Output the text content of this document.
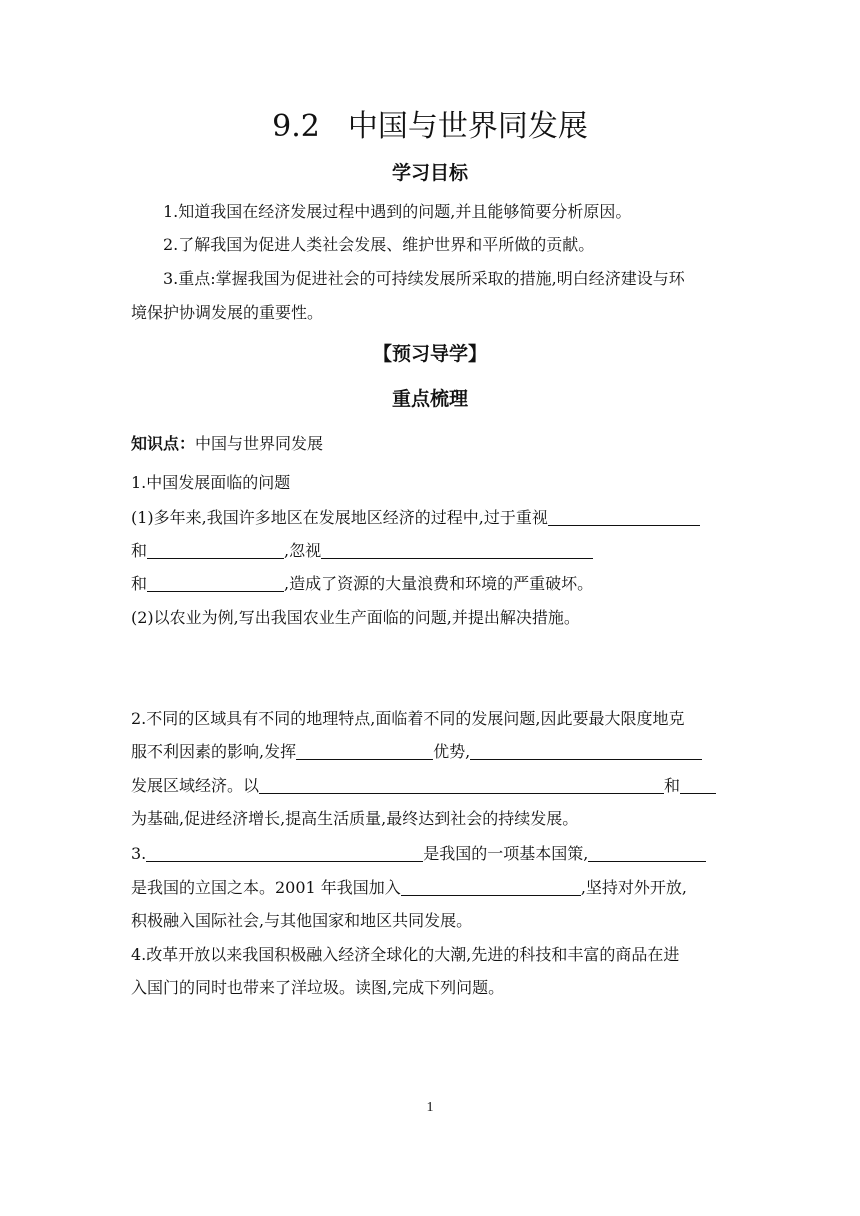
9.2 中国与世界同发展
学习目标
1.知道我国在经济发展过程中遇到的问题,并且能够简要分析原因。
2.了解我国为促进人类社会发展、维护世界和平所做的贡献。
3.重点:掌握我国为促进社会的可持续发展所采取的措施,明白经济建设与环
境保护协调发展的重要性。
【预习导学】
重点梳理
知识点：中国与世界同发展
1.中国发展面临的问题
(1)多年来,我国许多地区在发展地区经济的过程中,过于重视
和	,忽视
和	,造成了资源的大量浪费和环境的严重破坏。
(2)以农业为例,写出我国农业生产面临的问题,并提出解决措施。
2.不同的区域具有不同的地理特点,面临着不同的发展问题,因此要最大限度地克
服不利因素的影响,发挥	优势,
发展区域经济。以	和
为基础,促进经济增长,提高生活质量,最终达到社会的持续发展。
3.	是我国的一项基本国策,
是我国的立国之本。2001 年我国加入	,坚持对外开放,
积极融入国际社会,与其他国家和地区共同发展。
4.改革开放以来我国积极融入经济全球化的大潮,先进的科技和丰富的商品在进
入国门的同时也带来了洋垃圾。读图,完成下列问题。
1
